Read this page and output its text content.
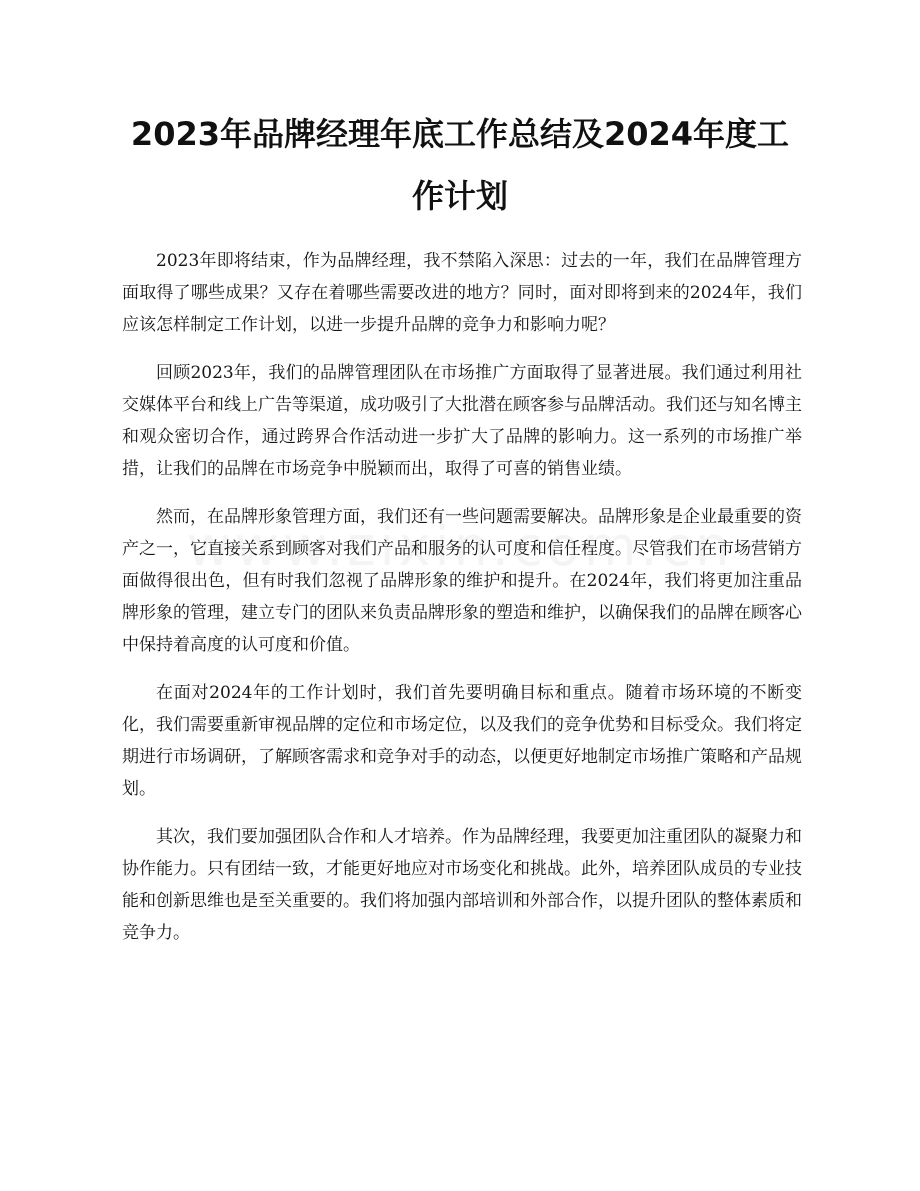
2023年品牌经理年底工作总结及2024年度工作计划

2023年即将结束，作为品牌经理，我不禁陷入深思：过去的一年，我们在品牌管理方面取得了哪些成果？又存在着哪些需要改进的地方？同时，面对即将到来的2024年，我们应该怎样制定工作计划，以进一步提升品牌的竞争力和影响力呢？

回顾2023年，我们的品牌管理团队在市场推广方面取得了显著进展。我们通过利用社交媒体平台和线上广告等渠道，成功吸引了大批潜在顾客参与品牌活动。我们还与知名博主和观众密切合作，通过跨界合作活动进一步扩大了品牌的影响力。这一系列的市场推广举措，让我们的品牌在市场竞争中脱颖而出，取得了可喜的销售业绩。

然而，在品牌形象管理方面，我们还有一些问题需要解决。品牌形象是企业最重要的资产之一，它直接关系到顾客对我们产品和服务的认可度和信任程度。尽管我们在市场营销方面做得很出色，但有时我们忽视了品牌形象的维护和提升。在2024年，我们将更加注重品牌形象的管理，建立专门的团队来负责品牌形象的塑造和维护，以确保我们的品牌在顾客心中保持着高度的认可度和价值。

在面对2024年的工作计划时，我们首先要明确目标和重点。随着市场环境的不断变化，我们需要重新审视品牌的定位和市场定位，以及我们的竞争优势和目标受众。我们将定期进行市场调研，了解顾客需求和竞争对手的动态，以便更好地制定市场推广策略和产品规划。

其次，我们要加强团队合作和人才培养。作为品牌经理，我要更加注重团队的凝聚力和协作能力。只有团结一致，才能更好地应对市场变化和挑战。此外，培养团队成员的专业技能和创新思维也是至关重要的。我们将加强内部培训和外部合作，以提升团队的整体素质和竞争力。
